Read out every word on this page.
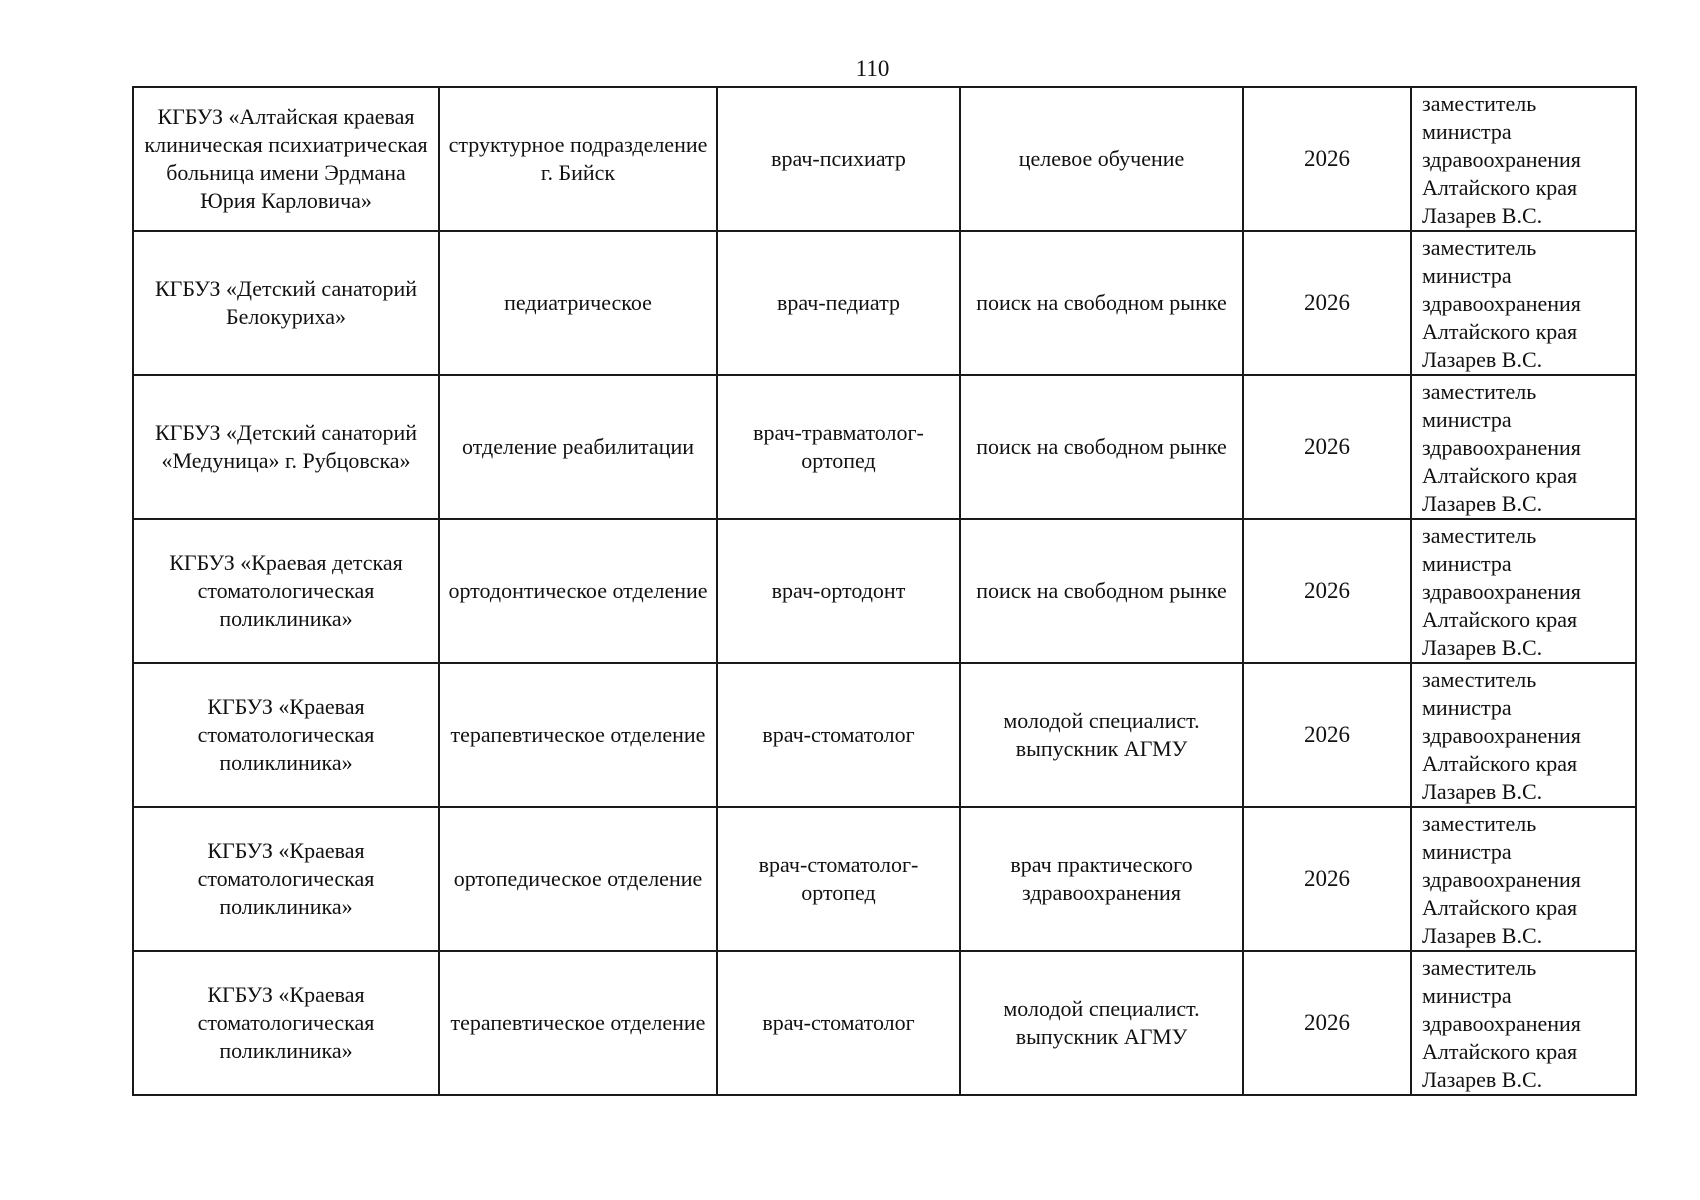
110
КГБУЗ «Алтайская краевая клиническая психиатрическая больница имени Эрдмана Юрия Карловича»	структурное подразделение г. Бийск	врач-психиатр	целевое обучение	2026	заместитель министра здравоохранения Алтайского края Лазарев В.С.
КГБУЗ «Детский санаторий Белокуриха»	педиатрическое	врач-педиатр	поиск на свободном рынке	2026	заместитель министра здравоохранения Алтайского края Лазарев В.С.
КГБУЗ «Детский санаторий «Медуница» г. Рубцовска»	отделение реабилитации	врач-травматолог-ортопед	поиск на свободном рынке	2026	заместитель министра здравоохранения Алтайского края Лазарев В.С.
КГБУЗ «Краевая детская стоматологическая поликлиника»	ортодонтическое отделение	врач-ортодонт	поиск на свободном рынке	2026	заместитель министра здравоохранения Алтайского края Лазарев В.С.
КГБУЗ «Краевая стоматологическая поликлиника»	терапевтическое отделение	врач-стоматолог	молодой специалист. выпускник АГМУ	2026	заместитель министра здравоохранения Алтайского края Лазарев В.С.
КГБУЗ «Краевая стоматологическая поликлиника»	ортопедическое отделение	врач-стоматолог-ортопед	врач практического здравоохранения	2026	заместитель министра здравоохранения Алтайского края Лазарев В.С.
КГБУЗ «Краевая стоматологическая поликлиника»	терапевтическое отделение	врач-стоматолог	молодой специалист. выпускник АГМУ	2026	заместитель министра здравоохранения Алтайского края Лазарев В.С.
